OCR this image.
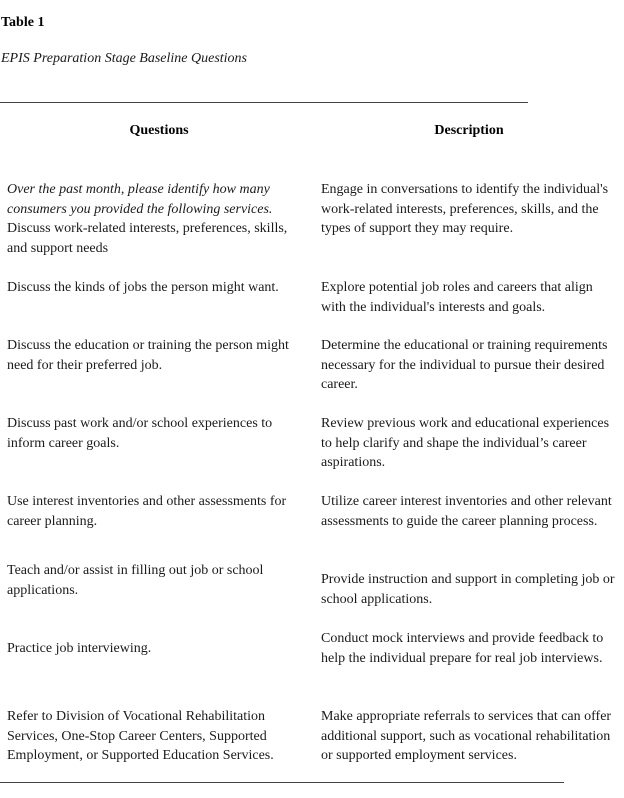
Table 1
EPIS Preparation Stage Baseline Questions
Questions	Description
Over the past month, please identify how many consumers you provided the following services. Discuss work-related interests, preferences, skills, and support needs
Engage in conversations to identify the individual's work-related interests, preferences, skills, and the types of support they may require.
Discuss the kinds of jobs the person might want.	Explore potential job roles and careers that align with the individual's interests and goals.
Discuss the education or training the person might need for their preferred job.
Determine the educational or training requirements necessary for the individual to pursue their desired career.
Discuss past work and/or school experiences to inform career goals.
Review previous work and educational experiences to help clarify and shape the individual’s career aspirations.
Use interest inventories and other assessments for career planning.
Utilize career interest inventories and other relevant assessments to guide the career planning process.
Teach and/or assist in filling out job or school applications.
Provide instruction and support in completing job or school applications.
Practice job interviewing.
Conduct mock interviews and provide feedback to help the individual prepare for real job interviews.
Refer to Division of Vocational Rehabilitation Services, One-Stop Career Centers, Supported Employment, or Supported Education Services.
Make appropriate referrals to services that can offer additional support, such as vocational rehabilitation or supported employment services.
